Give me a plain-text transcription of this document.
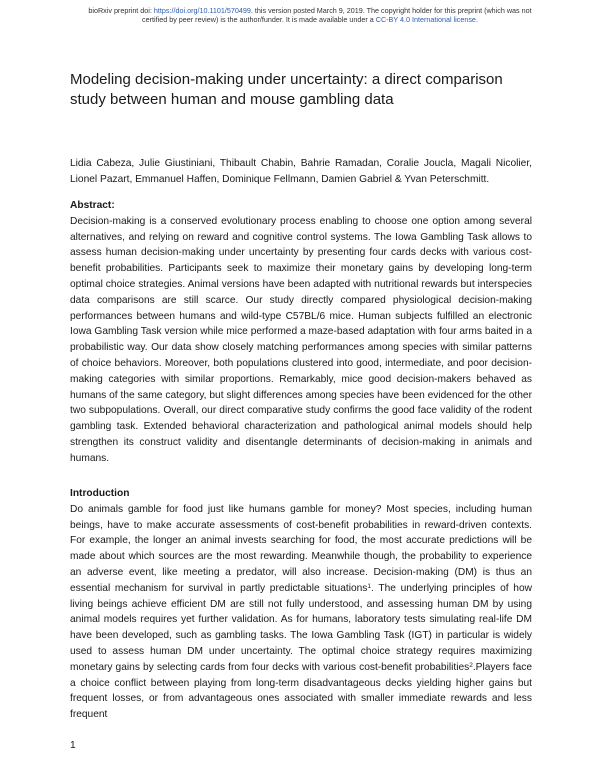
bioRxiv preprint doi: https://doi.org/10.1101/570499. this version posted March 9, 2019. The copyright holder for this preprint (which was not
certified by peer review) is the author/funder. It is made available under a CC-BY 4.0 International license.
Modeling decision-making under uncertainty: a direct comparison study between human and mouse gambling data
Lidia Cabeza, Julie Giustiniani, Thibault Chabin, Bahrie Ramadan, Coralie Joucla, Magali Nicolier, Lionel Pazart, Emmanuel Haffen, Dominique Fellmann, Damien Gabriel & Yvan Peterschmitt.

Abstract:

Decision-making is a conserved evolutionary process enabling to choose one option among several alternatives, and relying on reward and cognitive control systems. The Iowa Gambling Task allows to assess human decision-making under uncertainty by presenting four cards decks with various cost-benefit probabilities. Participants seek to maximize their monetary gains by developing long-term optimal choice strategies. Animal versions have been adapted with nutritional rewards but interspecies data comparisons are still scarce. Our study directly compared physiological decision-making performances between humans and wild-type C57BL/6 mice. Human subjects fulfilled an electronic Iowa Gambling Task version while mice performed a maze-based adaptation with four arms baited in a probabilistic way. Our data show closely matching performances among species with similar patterns of choice behaviors. Moreover, both populations clustered into good, intermediate, and poor decision-making categories with similar proportions. Remarkably, mice good decision-makers behaved as humans of the same category, but slight differences among species have been evidenced for the other two subpopulations. Overall, our direct comparative study confirms the good face validity of the rodent gambling task. Extended behavioral characterization and pathological animal models should help strengthen its construct validity and disentangle determinants of decision-making in animals and humans.

Introduction

Do animals gamble for food just like humans gamble for money? Most species, including human beings, have to make accurate assessments of cost-benefit probabilities in reward-driven contexts. For example, the longer an animal invests searching for food, the most accurate predictions will be made about which sources are the most rewarding. Meanwhile though, the probability to experience an adverse event, like meeting a predator, will also increase. Decision-making (DM) is thus an essential mechanism for survival in partly predictable situations$^1$. The underlying principles of how living beings achieve efficient DM are still not fully understood, and assessing human DM by using animal models requires yet further validation. As for humans, laboratory tests simulating real-life DM have been developed, such as gambling tasks. The Iowa Gambling Task (IGT) in particular is widely used to assess human DM under uncertainty. The optimal choice strategy requires maximizing monetary gains by selecting cards from four decks with various cost-benefit probabilities$^2$.Players face a choice conflict between playing from long-term disadvantageous decks yielding higher gains but frequent losses, or from advantageous ones associated with smaller immediate rewards and less frequent

1
